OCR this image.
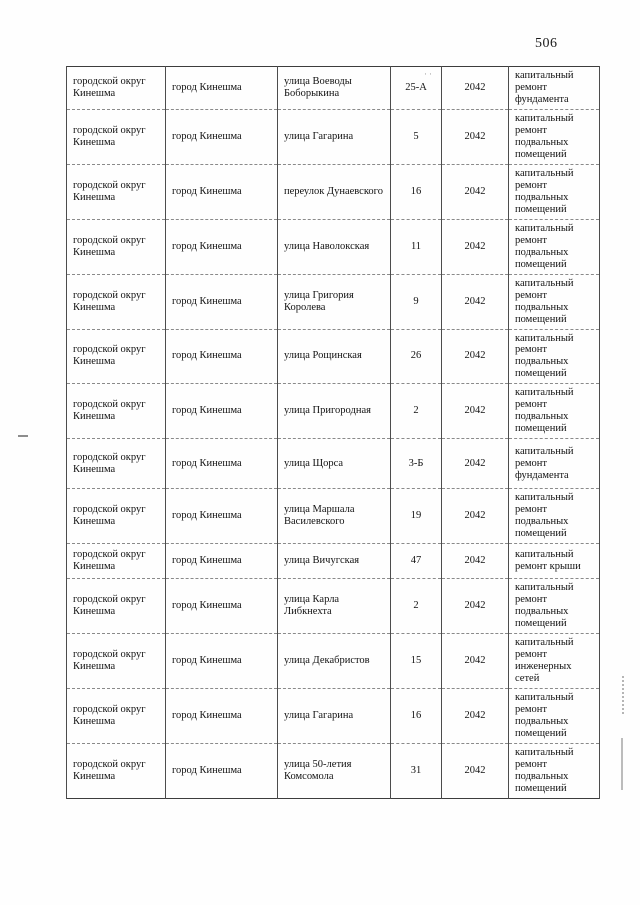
506
городской округ Кинешма	город Кинешма	улица Воеводы Боборыкина	25-А	2042	капитальный ремонт фундамента
городской округ Кинешма	город Кинешма	улица Гагарина	5	2042	капитальный ремонт подвальных помещений
городской округ Кинешма	город Кинешма	переулок Дунаевского	16	2042	капитальный ремонт подвальных помещений
городской округ Кинешма	город Кинешма	улица Наволокская	11	2042	капитальный ремонт подвальных помещений
городской округ Кинешма	город Кинешма	улица Григория Королева	9	2042	капитальный ремонт подвальных помещений
городской округ Кинешма	город Кинешма	улица Рощинская	26	2042	капитальный ремонт подвальных помещений
городской округ Кинешма	город Кинешма	улица Пригородная	2	2042	капитальный ремонт подвальных помещений
городской округ Кинешма	город Кинешма	улица Щорса	3-Б	2042	капитальный ремонт фундамента
городской округ Кинешма	город Кинешма	улица Маршала Василевского	19	2042	капитальный ремонт подвальных помещений
городской округ Кинешма	город Кинешма	улица Вичугская	47	2042	капитальный ремонт крыши
городской округ Кинешма	город Кинешма	улица Карла Либкнехта	2	2042	капитальный ремонт подвальных помещений
городской округ Кинешма	город Кинешма	улица Декабристов	15	2042	капитальный ремонт инженерных сетей
городской округ Кинешма	город Кинешма	улица Гагарина	16	2042	капитальный ремонт подвальных помещений
городской округ Кинешма	город Кинешма	улица 50-летия Комсомола	31	2042	капитальный ремонт подвальных помещений
··
